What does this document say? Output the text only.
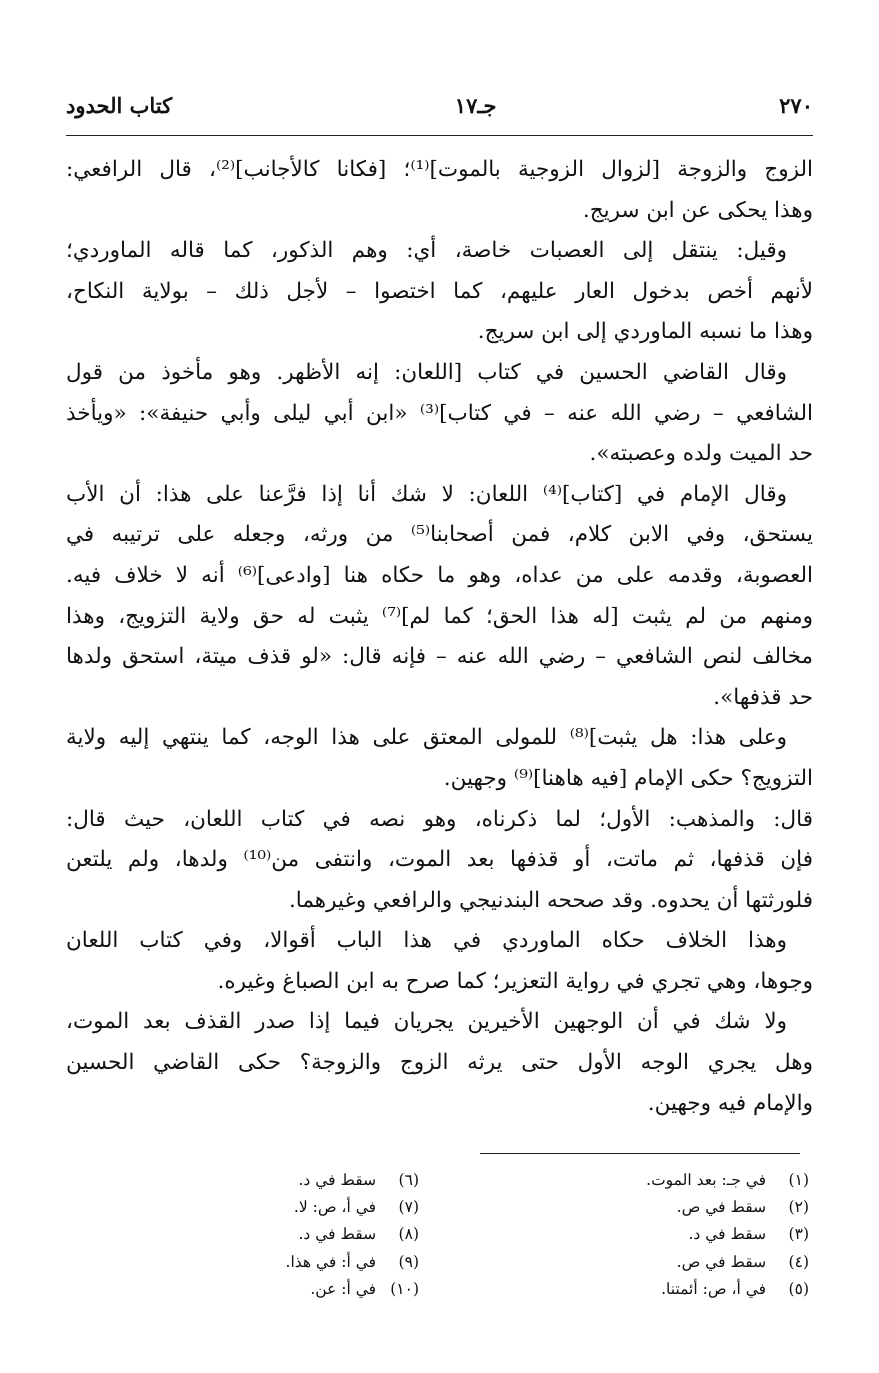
٢٧٠
جـ١٧
كتاب الحدود
الزوج والزوجة [لزوال الزوجية بالموت]⁽¹⁾؛ [فكانا كالأجانب]⁽²⁾، قال الرافعي:
وهذا يحكى عن ابن سريج.
وقيل: ينتقل إلى العصبات خاصة، أي: وهم الذكور، كما قاله الماوردي؛
لأنهم أخص بدخول العار عليهم، كما اختصوا – لأجل ذلك – بولاية النكاح،
وهذا ما نسبه الماوردي إلى ابن سريج.
وقال القاضي الحسين في كتاب [اللعان: إنه الأظهر. وهو مأخوذ من قول
الشافعي – رضي الله عنه – في كتاب]⁽³⁾ «ابن أبي ليلى وأبي حنيفة»: «ويأخذ
حد الميت ولده وعصبته».
وقال الإمام في [كتاب]⁽⁴⁾ اللعان: لا شك أنا إذا فرَّعنا على هذا: أن الأب
يستحق، وفي الابن كلام، فمن أصحابنا⁽⁵⁾ من ورثه، وجعله على ترتيبه في
العصوبة، وقدمه على من عداه، وهو ما حكاه هنا [وادعى]⁽⁶⁾ أنه لا خلاف فيه.
ومنهم من لم يثبت [له هذا الحق؛ كما لم]⁽⁷⁾ يثبت له حق ولاية التزويج، وهذا
مخالف لنص الشافعي – رضي الله عنه – فإنه قال: «لو قذف ميتة، استحق ولدها
حد قذفها».
وعلى هذا: هل يثبت]⁽⁸⁾ للمولى المعتق على هذا الوجه، كما ينتهي إليه ولاية
التزويج؟ حكى الإمام [فيه هاهنا]⁽⁹⁾ وجهين.
قال: والمذهب: الأول؛ لما ذكرناه، وهو نصه في كتاب اللعان، حيث قال:
فإن قذفها، ثم ماتت، أو قذفها بعد الموت، وانتفى من⁽¹⁰⁾ ولدها، ولم يلتعن
فلورثتها أن يحدوه. وقد صححه البندنيجي والرافعي وغيرهما.
وهذا الخلاف حكاه الماوردي في هذا الباب أقوالا، وفي كتاب اللعان
وجوها، وهي تجري في رواية التعزير؛ كما صرح به ابن الصباغ وغيره.
ولا شك في أن الوجهين الأخيرين يجريان فيما إذا صدر القذف بعد الموت،
وهل يجري الوجه الأول حتى يرثه الزوج والزوجة؟ حكى القاضي الحسين
والإمام فيه وجهين.
(١) في جـ: بعد الموت.
(٢) سقط في ص.
(٣) سقط في د.
(٤) سقط في ص.
(٥) في أ، ص: أئمتنا.
(٦) سقط في د.
(٧) في أ، ص: لا.
(٨) سقط في د.
(٩) في أ: في هذا.
(١٠) في أ: عن.
